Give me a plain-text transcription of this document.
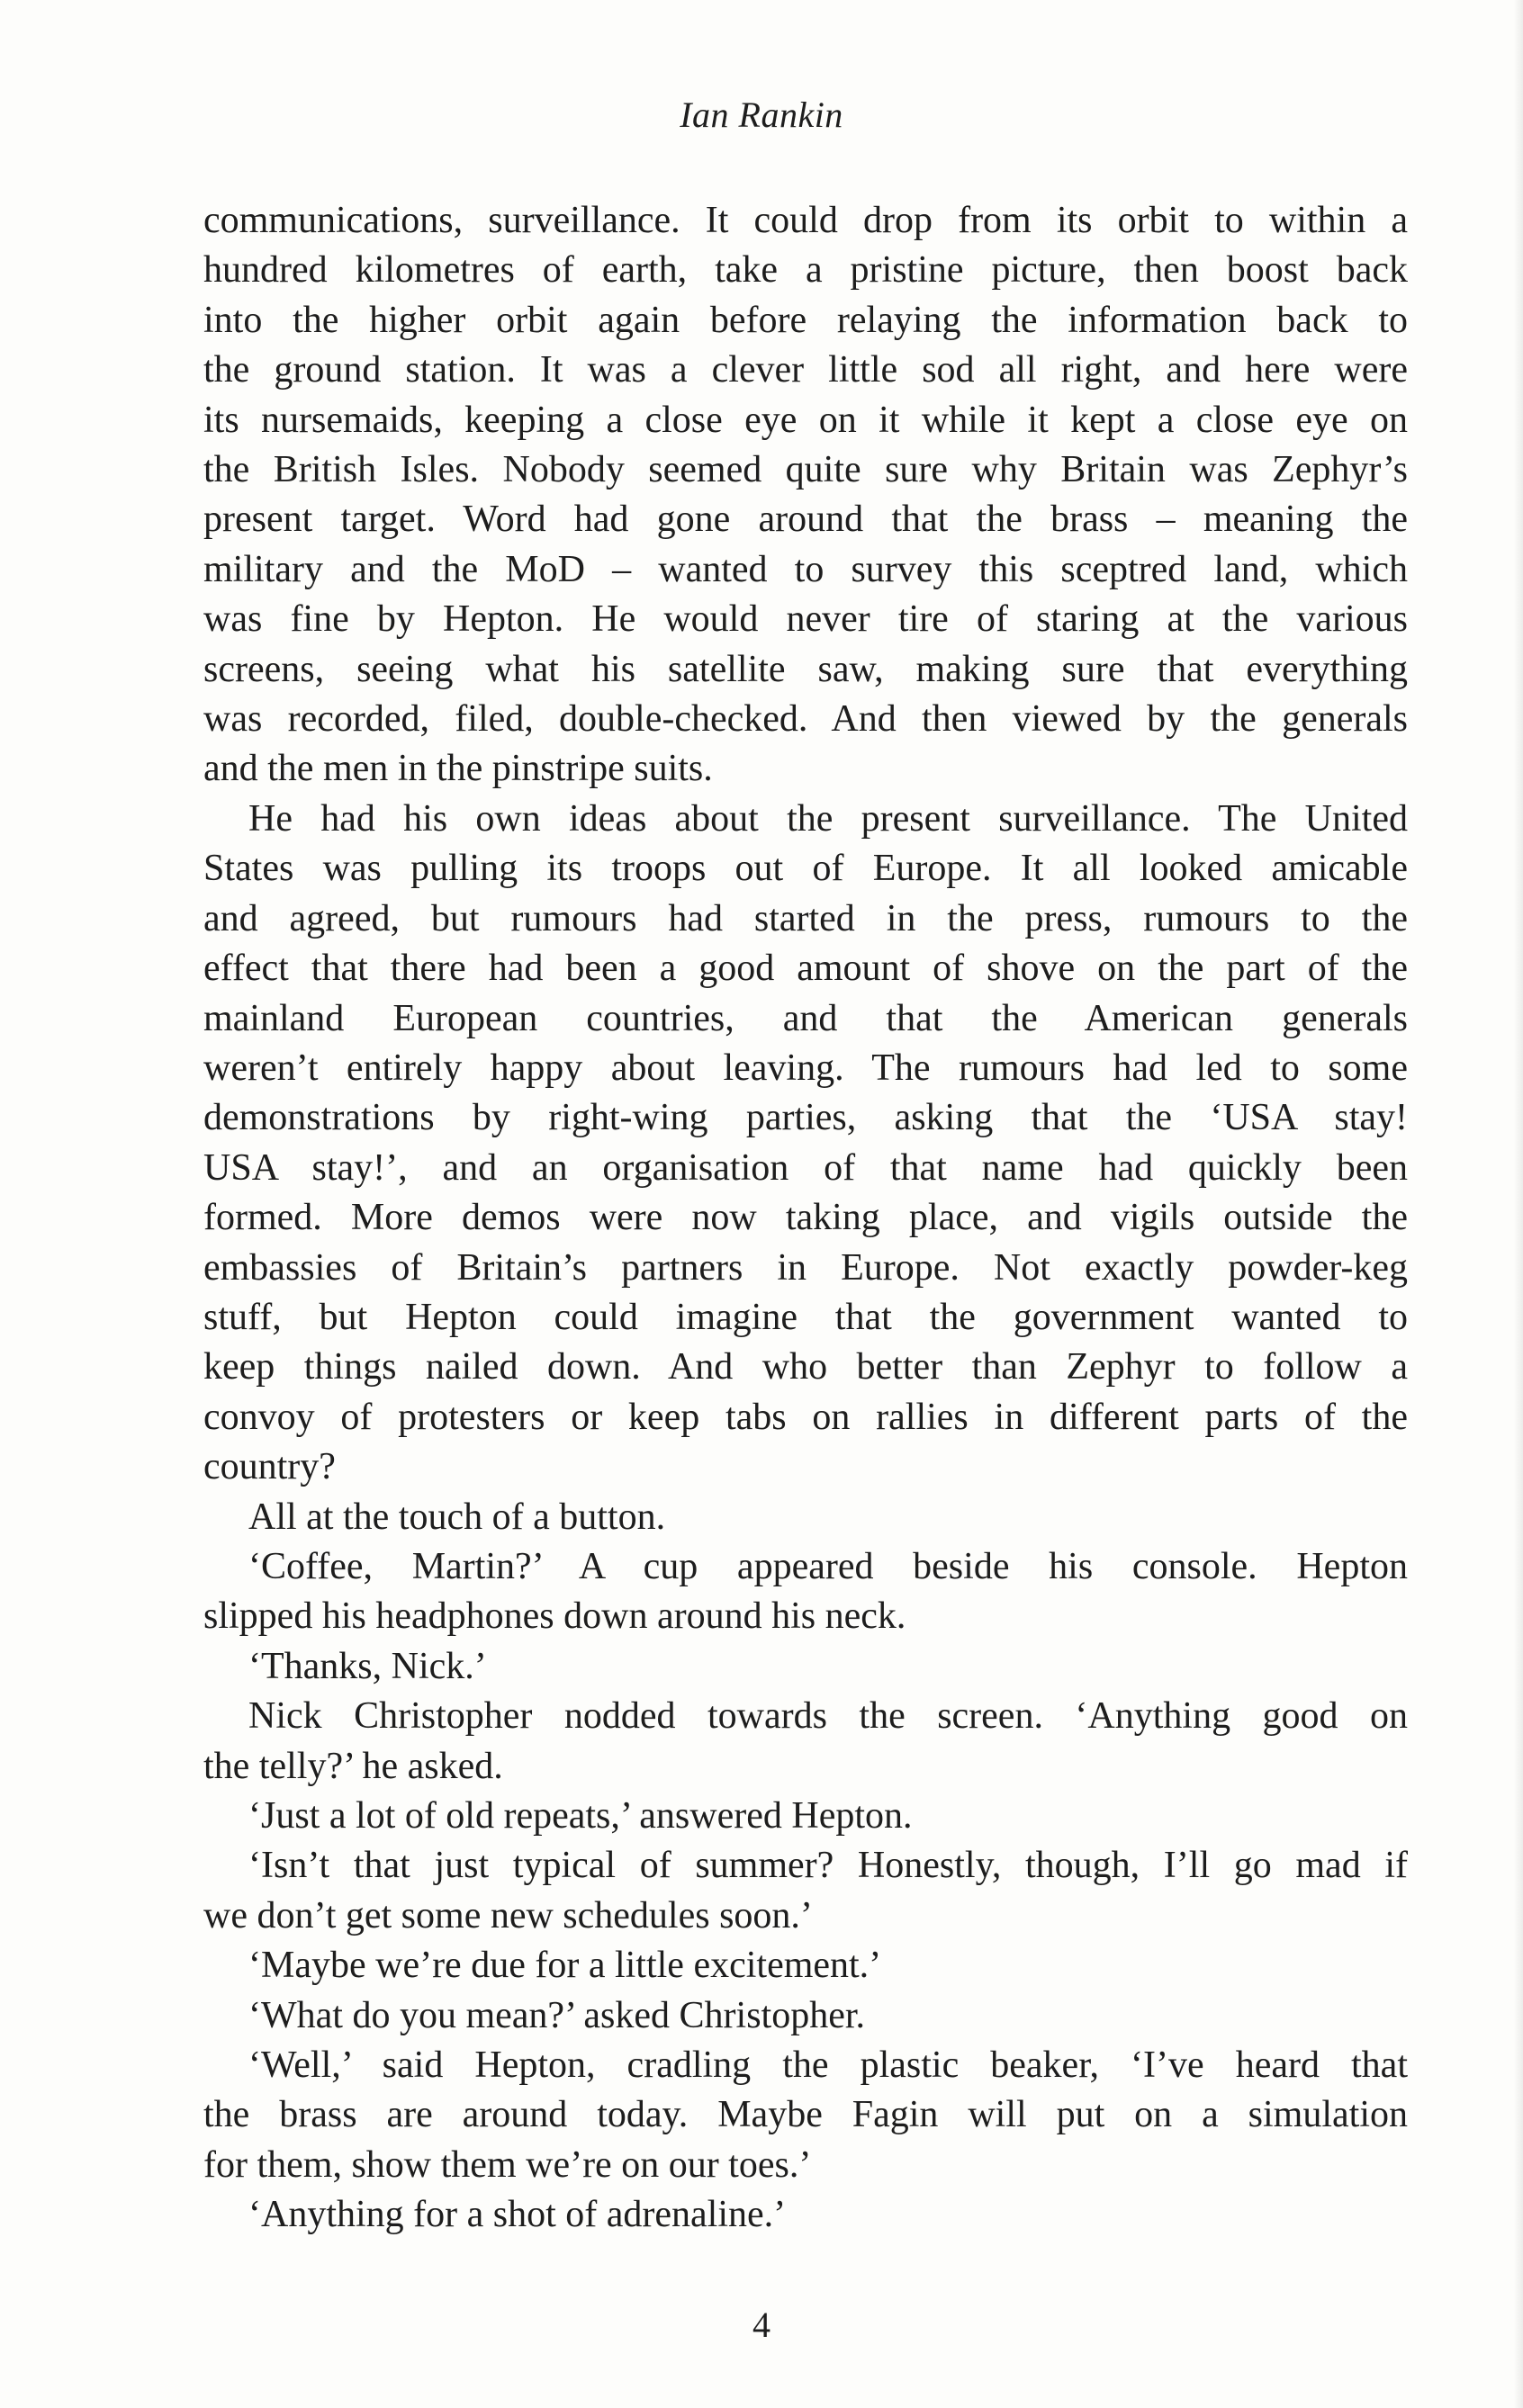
Ian Rankin

communications, surveillance. It could drop from its orbit to within a

hundred kilometres of earth, take a pristine picture, then boost back

into the higher orbit again before relaying the information back to

the ground station. It was a clever little sod all right, and here were

its nursemaids, keeping a close eye on it while it kept a close eye on

the British Isles. Nobody seemed quite sure why Britain was Zephyr’s

present target. Word had gone around that the brass – meaning the

military and the MoD – wanted to survey this sceptred land, which

was fine by Hepton. He would never tire of staring at the various

screens, seeing what his satellite saw, making sure that everything

was recorded, filed, double-checked. And then viewed by the generals

and the men in the pinstripe suits.

He had his own ideas about the present surveillance. The United

States was pulling its troops out of Europe. It all looked amicable

and agreed, but rumours had started in the press, rumours to the

effect that there had been a good amount of shove on the part of the

mainland European countries, and that the American generals

weren’t entirely happy about leaving. The rumours had led to some

demonstrations by right-wing parties, asking that the ‘USA stay!

USA stay!’, and an organisation of that name had quickly been

formed. More demos were now taking place, and vigils outside the

embassies of Britain’s partners in Europe. Not exactly powder-keg

stuff, but Hepton could imagine that the government wanted to

keep things nailed down. And who better than Zephyr to follow a

convoy of protesters or keep tabs on rallies in different parts of the

country?

All at the touch of a button.

‘Coffee, Martin?’ A cup appeared beside his console. Hepton

slipped his headphones down around his neck.

‘Thanks, Nick.’

Nick Christopher nodded towards the screen. ‘Anything good on

the telly?’ he asked.

‘Just a lot of old repeats,’ answered Hepton.

‘Isn’t that just typical of summer? Honestly, though, I’ll go mad if

we don’t get some new schedules soon.’

‘Maybe we’re due for a little excitement.’

‘What do you mean?’ asked Christopher.

‘Well,’ said Hepton, cradling the plastic beaker, ‘I’ve heard that

the brass are around today. Maybe Fagin will put on a simulation

for them, show them we’re on our toes.’

‘Anything for a shot of adrenaline.’

4
